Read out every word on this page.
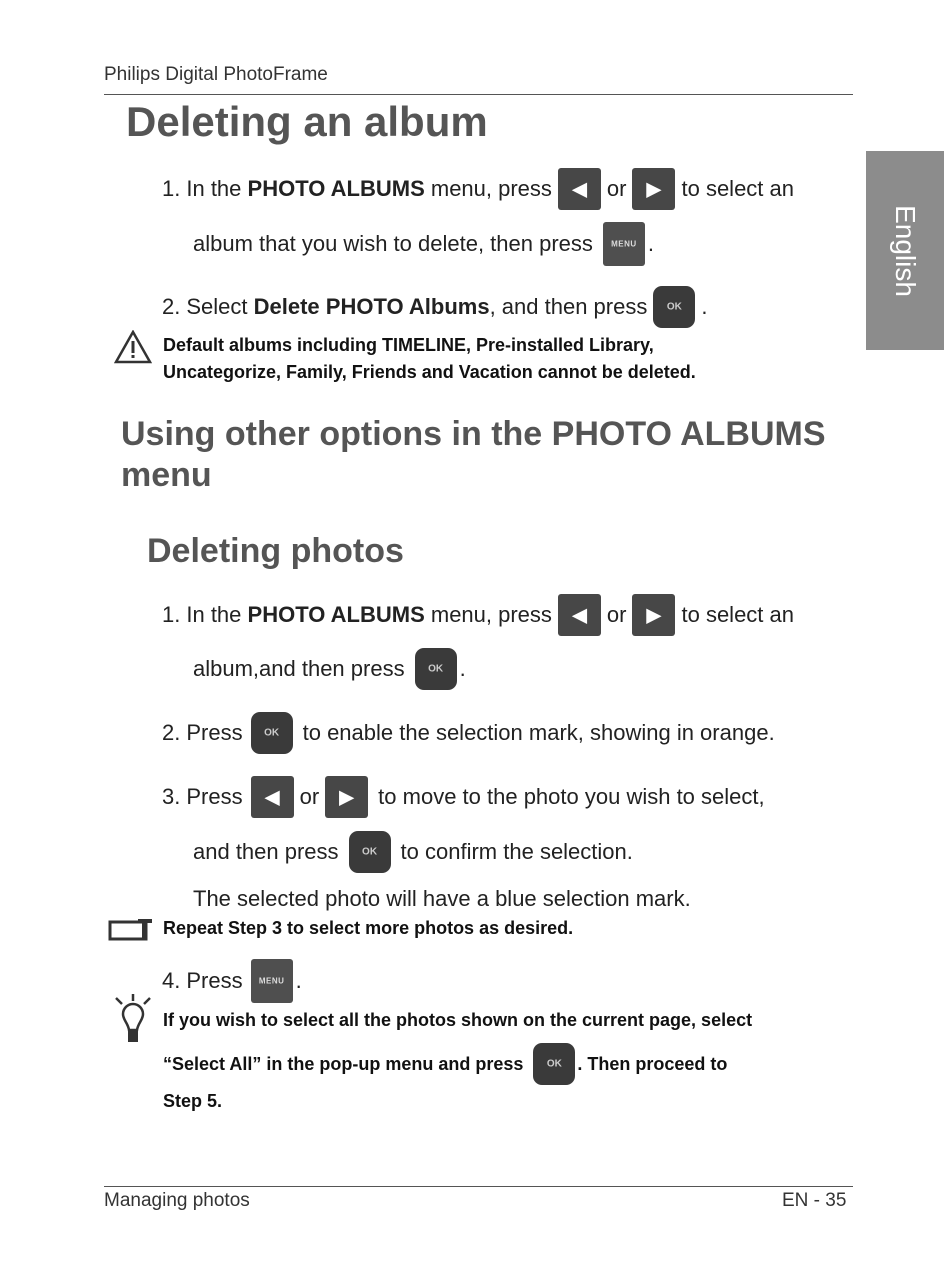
Philips Digital PhotoFrame
English
Deleting an album
1. In the PHOTO ALBUMS menu, press ◀ or ▶ to select an
album that you wish to delete, then press MENU .
2. Select Delete PHOTO Albums , and then press OK .
Default albums including TIMELINE, Pre-installed Library,
Uncategorize, Family, Friends and Vacation cannot be deleted.
Using other options in the PHOTO ALBUMS menu
Deleting photos
1. In the PHOTO ALBUMS menu, press ◀ or ▶ to select an
album,and then press OK .
2. Press OK to enable the selection mark, showing in orange.
3. Press ◀ or ▶ to move to the photo you wish to select,
and then press OK to confirm the selection.
The selected photo will have a blue selection mark.
Repeat Step 3 to select more photos as desired.
4. Press MENU .
If you wish to select all the photos shown on the current page, select
“Select All” in the pop-up menu and press OK . Then proceed to
Step 5.
Managing photos	EN - 35
